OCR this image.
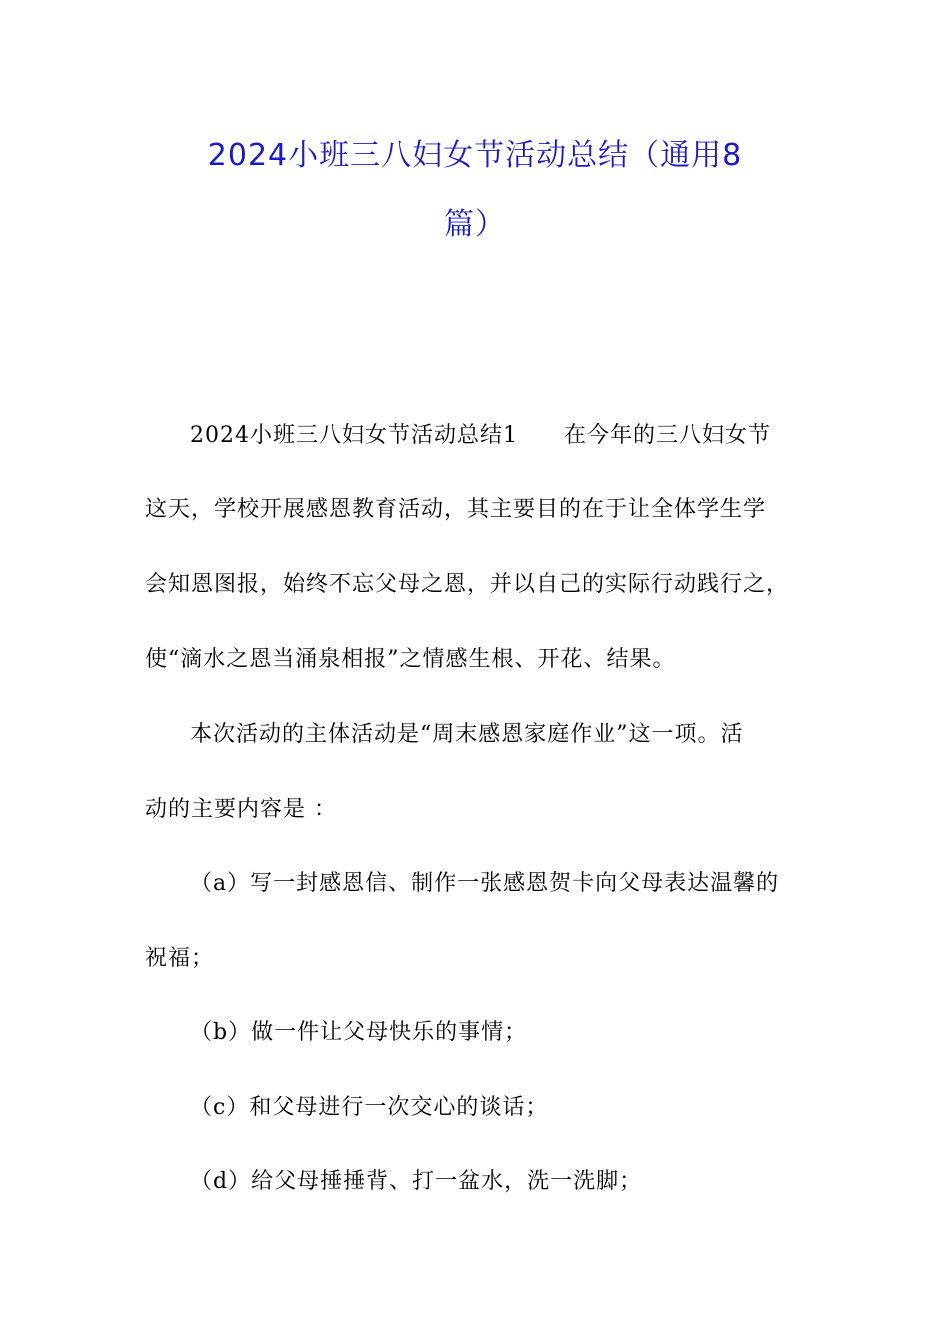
2024小班三八妇女节活动总结（通用8
篇）
2024小班三八妇女节活动总结1 在今年的三八妇女节
这天，学校开展感恩教育活动，其主要目的在于让全体学生学
会知恩图报，始终不忘父母之恩，并以自己的实际行动践行之，
使“滴水之恩当涌泉相报”之情感生根、开花、结果。
本次活动的主体活动是“周末感恩家庭作业”这一项。活
动的主要内容是 ：
（a）写一封感恩信、制作一张感恩贺卡向父母表达温馨的
祝福；
（b）做一件让父母快乐的事情；
（c）和父母进行一次交心的谈话；
（d）给父母捶捶背、打一盆水，洗一洗脚；
